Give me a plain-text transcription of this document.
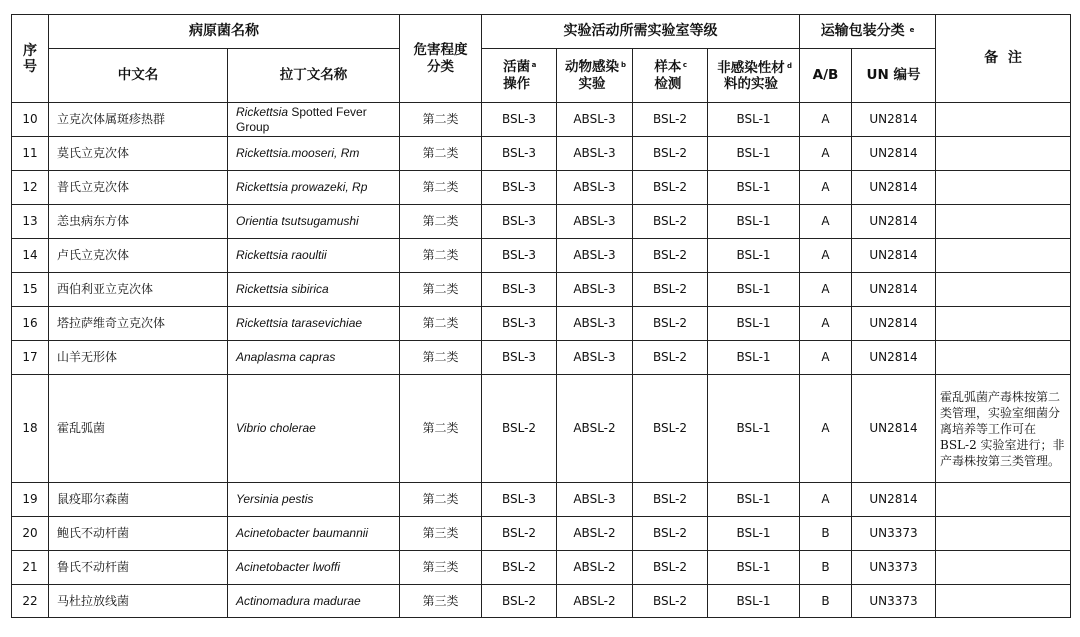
序号	病原菌名称		危害程度分类	实验活动所需实验室等级				运输包装分类 $^e$		备  注
	中文名	拉丁文名称		活菌操作$^a$	动物感染实验$^b$	样本检测$^c$	非感染性材料的实验$^d$	A/B	UN 编号	
10	立克次体属斑疹热群	Rickettsia Spotted Fever Group	第二类	BSL-3	ABSL-3	BSL-2	BSL-1	A	UN2814	
11	莫氏立克次体	Rickettsia.mooseri, Rm	第二类	BSL-3	ABSL-3	BSL-2	BSL-1	A	UN2814	
12	普氏立克次体	Rickettsia prowazeki, Rp	第二类	BSL-3	ABSL-3	BSL-2	BSL-1	A	UN2814	
13	恙虫病东方体	Orientia tsutsugamushi	第二类	BSL-3	ABSL-3	BSL-2	BSL-1	A	UN2814	
14	卢氏立克次体	Rickettsia raoultii	第二类	BSL-3	ABSL-3	BSL-2	BSL-1	A	UN2814	
15	西伯利亚立克次体	Rickettsia sibirica	第二类	BSL-3	ABSL-3	BSL-2	BSL-1	A	UN2814	
16	塔拉萨维奇立克次体	Rickettsia tarasevichiae	第二类	BSL-3	ABSL-3	BSL-2	BSL-1	A	UN2814	
17	山羊无形体	Anaplasma capras	第二类	BSL-3	ABSL-3	BSL-2	BSL-1	A	UN2814	
18	霍乱弧菌	Vibrio cholerae	第二类	BSL-2	ABSL-2	BSL-2	BSL-1	A	UN2814	霍乱弧菌产毒株按第二类管理，实验室细菌分离培养等工作可在 BSL-2 实验室进行；非产毒株按第三类管理。
19	鼠疫耶尔森菌	Yersinia pestis	第二类	BSL-3	ABSL-3	BSL-2	BSL-1	A	UN2814	
20	鲍氏不动杆菌	Acinetobacter baumannii	第三类	BSL-2	ABSL-2	BSL-2	BSL-1	B	UN3373	
21	鲁氏不动杆菌	Acinetobacter lwoffi	第三类	BSL-2	ABSL-2	BSL-2	BSL-1	B	UN3373	
22	马杜拉放线菌	Actinomadura madurae	第三类	BSL-2	ABSL-2	BSL-2	BSL-1	B	UN3373	
